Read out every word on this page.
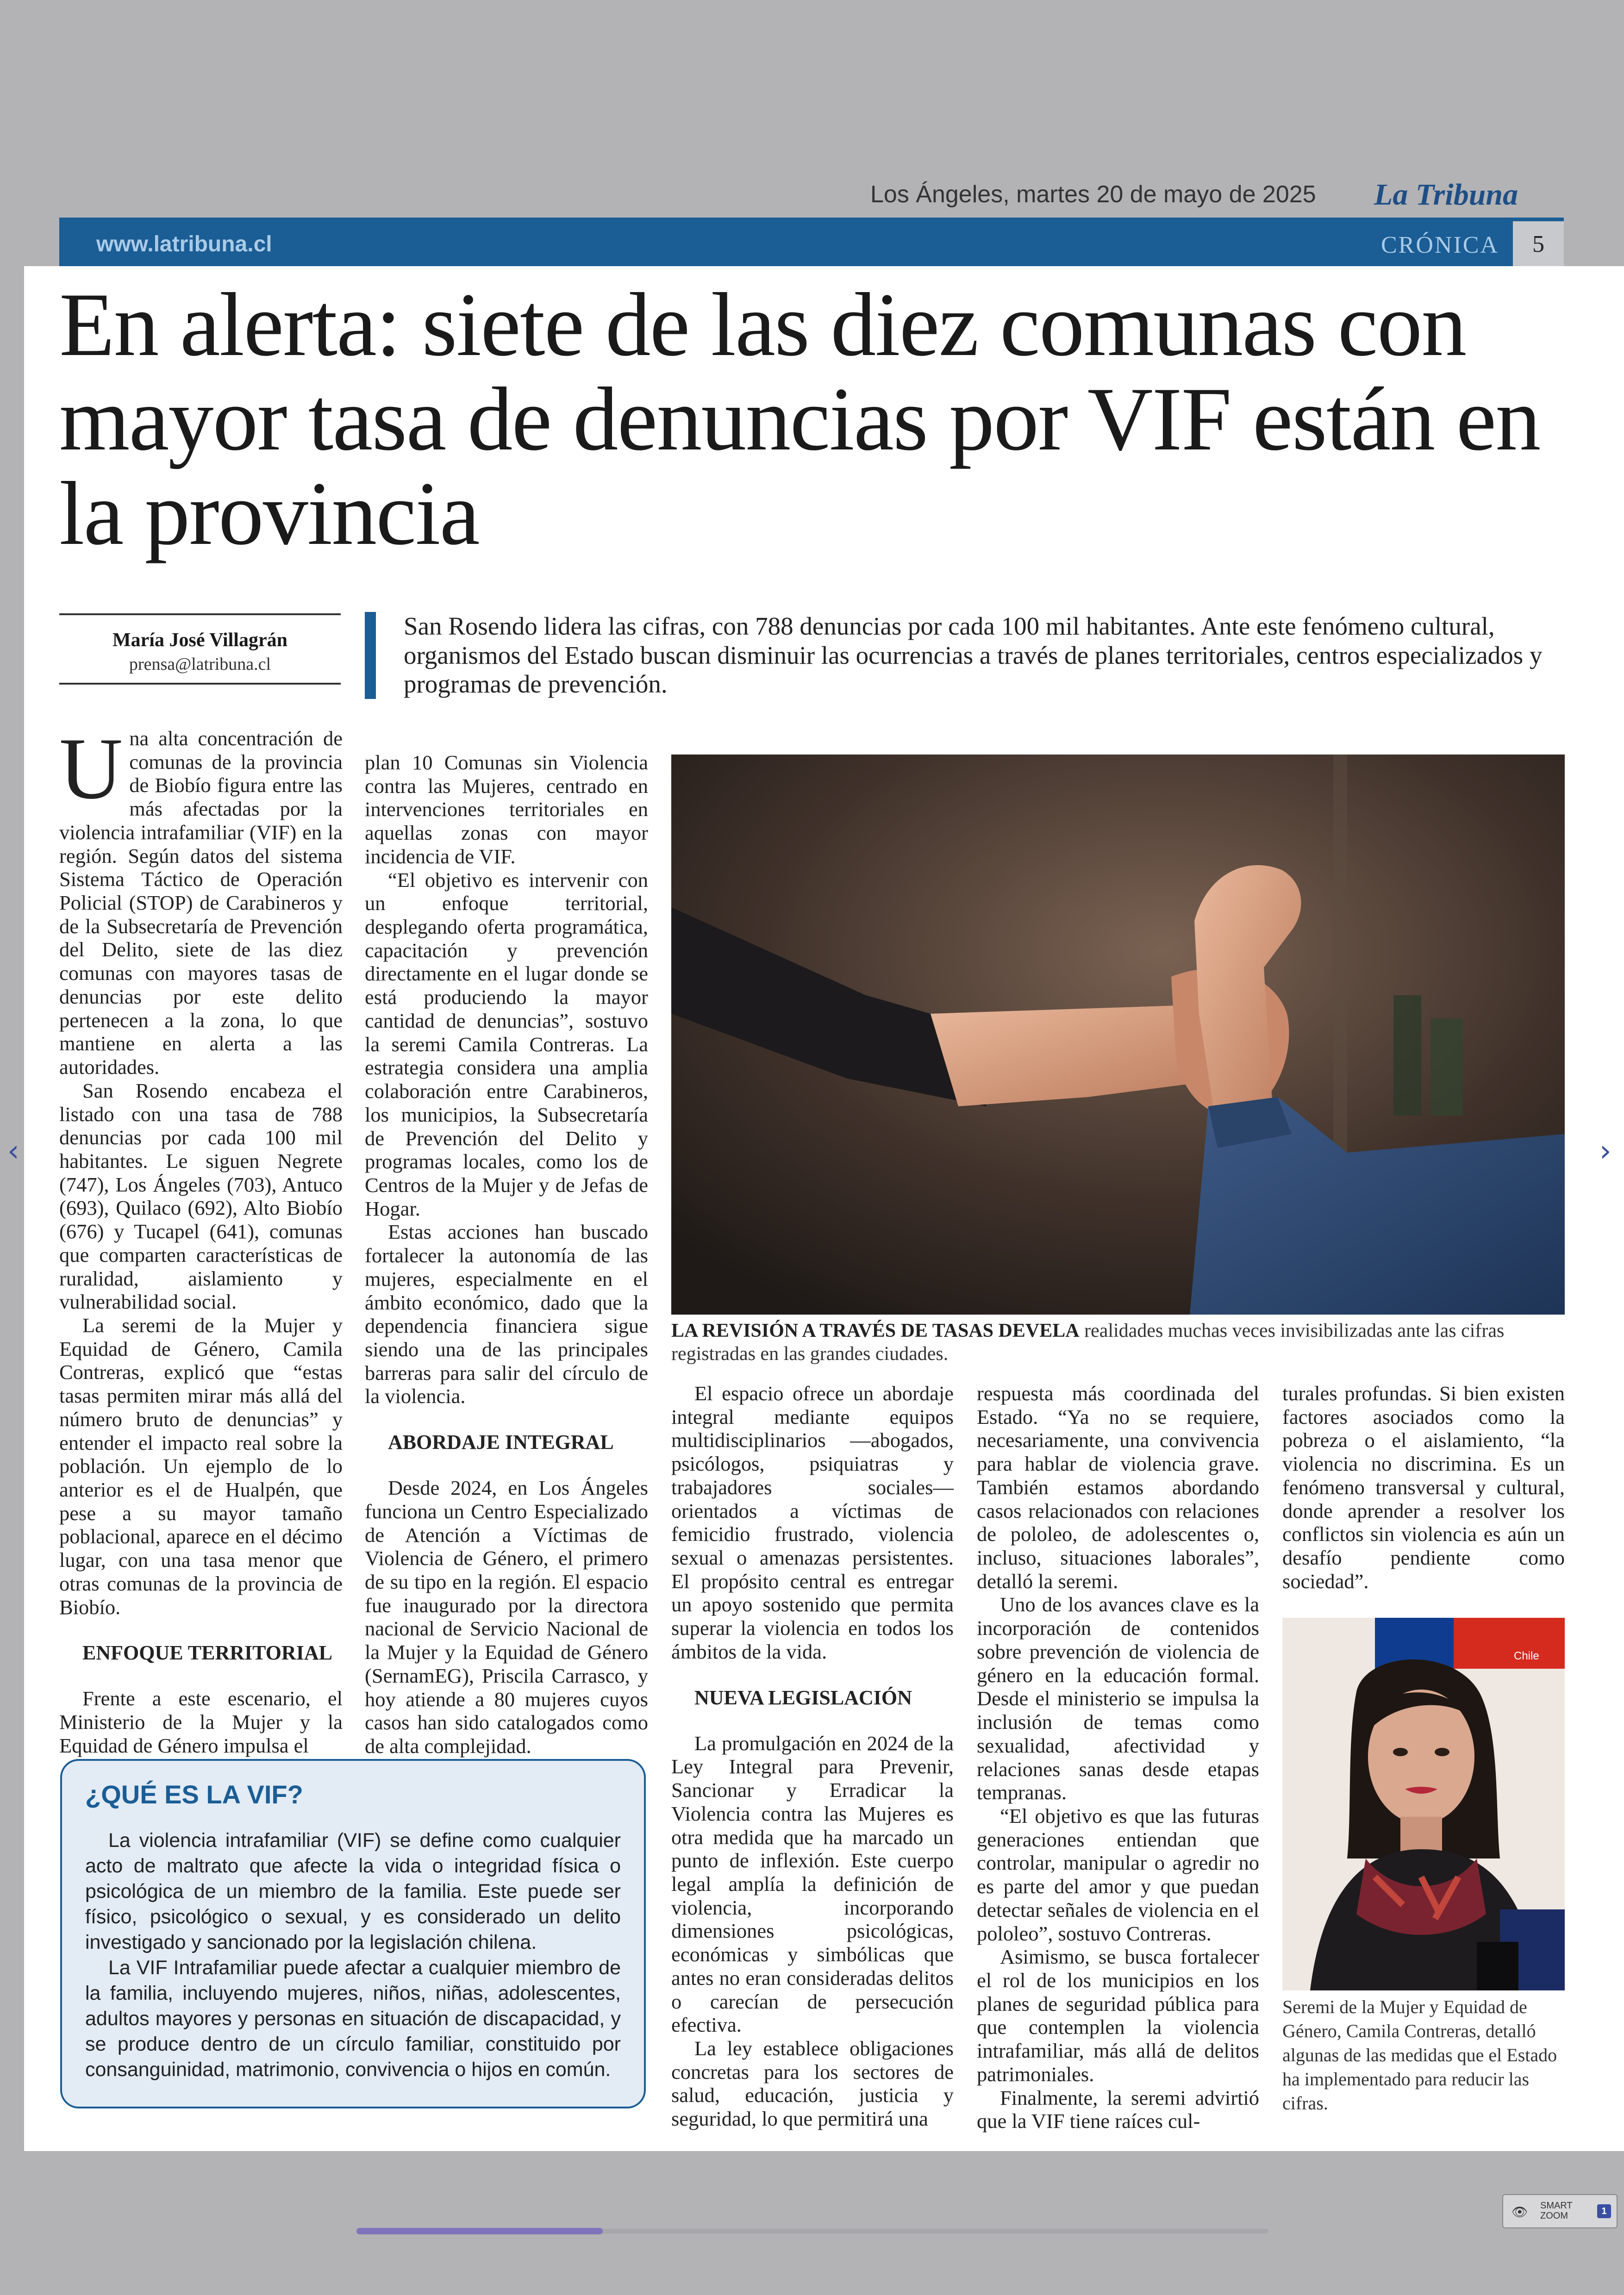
Los Ángeles, martes 20 de mayo de 2025 La Tribuna
www.latribuna.cl	CRÓNICA	5
En alerta: siete de las diez comunas con mayor tasa de denuncias por VIF están en la provincia
María José Villagrán
prensa@latribuna.cl
San Rosendo lidera las cifras, con 788 denuncias por cada 100 mil habitantes. Ante este fenómeno cultural, organismos del Estado buscan disminuir las ocurrencias a través de planes territoriales, centros especializados y programas de prevención.

Una alta concentración de comunas de la provincia de Biobío figura entre las más afectadas por la violencia intrafamiliar (VIF) en la región. Según datos del sistema Sistema Táctico de Operación Policial (STOP) de Carabineros y de la Subsecretaría de Prevención del Delito, siete de las diez comunas con mayores tasas de denuncias por este delito pertenecen a la zona, lo que mantiene en alerta a las autoridades.

San Rosendo encabeza el listado con una tasa de 788 denuncias por cada 100 mil habitantes. Le siguen Negrete (747), Los Ángeles (703), Antuco (693), Quilaco (692), Alto Biobío (676) y Tucapel (641), comunas que comparten características de ruralidad, aislamiento y vulnerabilidad social.

La seremi de la Mujer y Equidad de Género, Camila Contreras, explicó que “estas tasas permiten mirar más allá del número bruto de denuncias” y entender el impacto real sobre la población. Un ejemplo de lo anterior es el de Hualpén, que pese a su mayor tamaño poblacional, aparece en el décimo lugar, con una tasa menor que otras comunas de la provincia de Biobío.

ENFOQUE TERRITORIAL

Frente a este escenario, el Ministerio de la Mujer y la Equidad de Género impulsa el

plan 10 Comunas sin Violencia contra las Mujeres, centrado en intervenciones territoriales en aquellas zonas con mayor incidencia de VIF.

“El objetivo es intervenir con un enfoque territorial, desplegando oferta programática, capacitación y prevención directamente en el lugar donde se está produciendo la mayor cantidad de denuncias”, sostuvo la seremi Camila Contreras. La estrategia considera una amplia colaboración entre Carabineros, los municipios, la Subsecretaría de Prevención del Delito y programas locales, como los de Centros de la Mujer y de Jefas de Hogar.

Estas acciones han buscado fortalecer la autonomía de las mujeres, especialmente en el ámbito económico, dado que la dependencia financiera sigue siendo una de las principales barreras para salir del círculo de la violencia.

ABORDAJE INTEGRAL

Desde 2024, en Los Ángeles funciona un Centro Especializado de Atención a Víctimas de Violencia de Género, el primero de su tipo en la región. El espacio fue inaugurado por la directora nacional de Servicio Nacional de la Mujer y la Equidad de Género (SernamEG), Priscila Carrasco, y hoy atiende a 80 mujeres cuyos casos han sido catalogados como de alta complejidad.

LA REVISIÓN A TRAVÉS DE TASAS DEVELA realidades muchas veces invisibilizadas ante las cifras registradas en las grandes ciudades.

El espacio ofrece un abordaje integral mediante equipos multidisciplinarios —abogados, psicólogos, psiquiatras y trabajadores sociales— orientados a víctimas de femicidio frustrado, violencia sexual o amenazas persistentes. El propósito central es entregar un apoyo sostenido que permita superar la violencia en todos los ámbitos de la vida.

NUEVA LEGISLACIÓN

La promulgación en 2024 de la Ley Integral para Prevenir, Sancionar y Erradicar la Violencia contra las Mujeres es otra medida que ha marcado un punto de inflexión. Este cuerpo legal amplía la definición de violencia, incorporando dimensiones psicológicas, económicas y simbólicas que antes no eran consideradas delitos o carecían de persecución efectiva.

La ley establece obligaciones concretas para los sectores de salud, educación, justicia y seguridad, lo que permitirá una

respuesta más coordinada del Estado. “Ya no se requiere, necesariamente, una convivencia para hablar de violencia grave. También estamos abordando casos relacionados con relaciones de pololeo, de adolescentes o, incluso, situaciones laborales”, detalló la seremi.

Uno de los avances clave es la incorporación de contenidos sobre prevención de violencia de género en la educación formal. Desde el ministerio se impulsa la inclusión de temas como sexualidad, afectividad y relaciones sanas desde etapas tempranas.

“El objetivo es que las futuras generaciones entiendan que controlar, manipular o agredir no es parte del amor y que puedan detectar señales de violencia en el pololeo”, sostuvo Contreras.

Asimismo, se busca fortalecer el rol de los municipios en los planes de seguridad pública para que contemplen la violencia intrafamiliar, más allá de delitos patrimoniales.

Finalmente, la seremi advirtió que la VIF tiene raíces cul-

turales profundas. Si bien existen factores asociados como la pobreza o el aislamiento, “la violencia no discrimina. Es un fenómeno transversal y cultural, donde aprender a resolver los conflictos sin violencia es aún un desafío pendiente como sociedad”.

Chile
Seremi de la Mujer y Equidad de Género, Camila Contreras, detalló algunas de las medidas que el Estado ha implementado para reducir las cifras.
¿QUÉ ES LA VIF?

La violencia intrafamiliar (VIF) se define como cualquier acto de maltrato que afecte la vida o integridad física o psicológica de un miembro de la familia. Este puede ser físico, psicológico o sexual, y es considerado un delito investigado y sancionado por la legislación chilena.

La VIF Intrafamiliar puede afectar a cualquier miembro de la familia, incluyendo mujeres, niños, niñas, adolescentes, adultos mayores y personas en situación de discapacidad, y se produce dentro de un círculo familiar, constituido por consanguinidad, matrimonio, convivencia o hijos en común.

‹	›
👁 SMART
ZOOM	1
